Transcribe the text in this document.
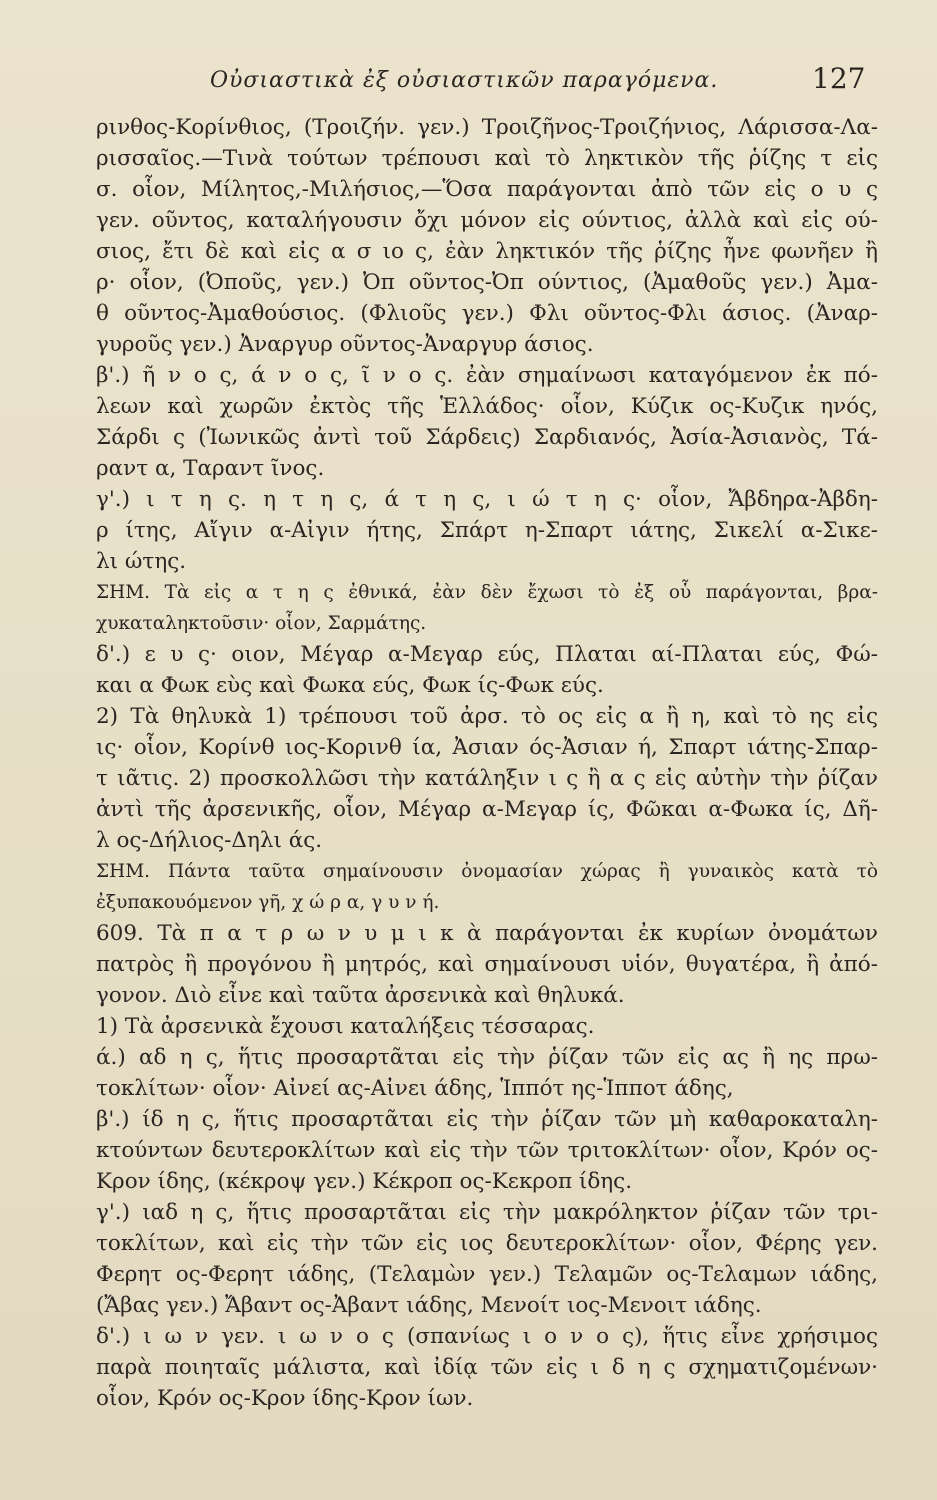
Οὐσιαστικὰ ἐξ οὐσιαστικῶν παραγόμενα.	127
ρινθος-Κορίνθιος, (Τροιζήν. γεν.) Τροιζῆνος-Τροιζήνιος, Λάρισσα-Λα-
ρισσαῖος.—Τινὰ τούτων τρέπουσι καὶ τὸ ληκτικὸν τῆς ῥίζης τ εἰς
σ. οἷον, Μίλητος,-Μιλήσιος,—Ὅσα παράγονται ἀπὸ τῶν εἰς ο υ ς
γεν. οῦντος, καταλήγουσιν ὄχι μόνον εἰς ούντιος, ἀλλὰ καὶ εἰς ού-
σιος, ἔτι δὲ καὶ εἰς α σ ιο ς, ἐὰν ληκτικόν τῆς ῥίζης ἦνε φωνῆεν ἢ
ρ· οἷον, (Ὀποῦς, γεν.) Ὀπ οῦντος-Ὀπ ούντιος, (Ἀμαθοῦς γεν.) Ἀμα-
θ οῦντος-Ἀμαθούσιος. (Φλιοῦς γεν.) Φλι οῦντος-Φλι άσιος. (Ἀναρ-
γυροῦς γεν.) Ἀναργυρ οῦντος-Ἀναργυρ άσιος.
β'.) ῆ ν ο ς, ά ν ο ς, ῖ ν ο ς. ἐὰν σημαίνωσι καταγόμενον ἐκ πό-
λεων καὶ χωρῶν ἐκτὸς τῆς Ἑλλάδος· οἷον, Κύζικ ος-Κυζικ ηνός,
Σάρδι ς (Ἰωνικῶς ἀντὶ τοῦ Σάρδεις) Σαρδιανός, Ἀσία-Ἀσιανὸς, Τά-
ραντ α, Ταραντ ῖνος.
γ'.) ι τ η ς. η τ η ς, ά τ η ς, ι ώ τ η ς· οἷον, Ἄβδηρα-Ἀβδη-
ρ ίτης, Αἴγιν α-Αἰγιν ήτης, Σπάρτ η-Σπαρτ ιάτης, Σικελί α-Σικε-
λι ώτης.
ΣΗΜ. Τὰ εἰς α τ η ς ἐθνικά, ἐὰν δὲν ἔχωσι τὸ ἐξ οὗ παράγονται, βρα-
χυκαταληκτοῦσιν· οἷον, Σαρμάτης.
δ'.) ε υ ς· οιον, Μέγαρ α-Μεγαρ εύς, Πλαται αί-Πλαται εύς, Φώ-
και α Φωκ εὺς καὶ Φωκα εύς, Φωκ ίς-Φωκ εύς.
2) Τὰ θηλυκὰ 1) τρέπουσι τοῦ ἀρσ. τὸ ος εἰς α ἢ η, καὶ τὸ ης εἰς
ις· οἷον, Κορίνθ ιος-Κορινθ ία, Ἀσιαν ός-Ἀσιαν ή, Σπαρτ ιάτης-Σπαρ-
τ ιᾶτις. 2) προσκολλῶσι τὴν κατάληξιν ι ς ἢ α ς εἰς αὐτὴν τὴν ῥίζαν
ἀντὶ τῆς ἀρσενικῆς, οἷον, Μέγαρ α-Μεγαρ ίς, Φῶκαι α-Φωκα ίς, Δῆ-
λ ος-Δήλιος-Δηλι άς.
ΣΗΜ. Πάντα ταῦτα σημαίνουσιν ὀνομασίαν χώρας ἢ γυναικὸς κατὰ τὸ
ἐξυπακουόμενον γῆ, χ ώ ρ α, γ υ ν ή.
609. Τὰ π α τ ρ ω ν υ μ ι κ ὰ παράγονται ἐκ κυρίων ὀνομάτων
πατρὸς ἢ προγόνου ἢ μητρός, καὶ σημαίνουσι υἱόν, θυγατέρα, ἢ ἀπό-
γονον. Διὸ εἶνε καὶ ταῦτα ἀρσενικὰ καὶ θηλυκά.
1) Τὰ ἀρσενικὰ ἔχουσι καταλήξεις τέσσαρας.
ά.) αδ η ς, ἥτις προσαρτᾶται εἰς τὴν ῥίζαν τῶν εἰς ας ἢ ης πρω-
τοκλίτων· οἷον· Αἰνεί ας-Αἰνει άδης, Ἱππότ ης-Ἱππoτ άδης,
β'.) ίδ η ς, ἥτις προσαρτᾶται εἰς τὴν ῥίζαν τῶν μὴ καθαροκαταλη-
κτούντων δευτεροκλίτων καὶ εἰς τὴν τῶν τριτοκλίτων· οἷον, Κρόν ος-
Κρον ίδης, (κέκροψ γεν.) Κέκροπ ος-Κεκροπ ίδης.
γ'.) ιαδ η ς, ἥτις προσαρτᾶται εἰς τὴν μακρόληκτον ῥίζαν τῶν τρι-
τοκλίτων, καὶ εἰς τὴν τῶν εἰς ιος δευτεροκλίτων· οἷον, Φέρης γεν.
Φερητ ος-Φερητ ιάδης, (Τελαμὼν γεν.) Τελαμῶν ος-Τελαμων ιάδης,
(Ἄβας γεν.) Ἄβαντ ος-Ἀβαντ ιάδης, Μενοίτ ιος-Μενοιτ ιάδης.
δ'.) ι ω ν γεν. ι ω ν ο ς (σπανίως ι ο ν ο ς), ἥτις εἶνε χρήσιμος
παρὰ ποιηταῖς μάλιστα, καὶ ἰδίᾳ τῶν εἰς ι δ η ς σχηματιζομένων·
οἷον, Κρόν ος-Κρον ίδης-Κρον ίων.
